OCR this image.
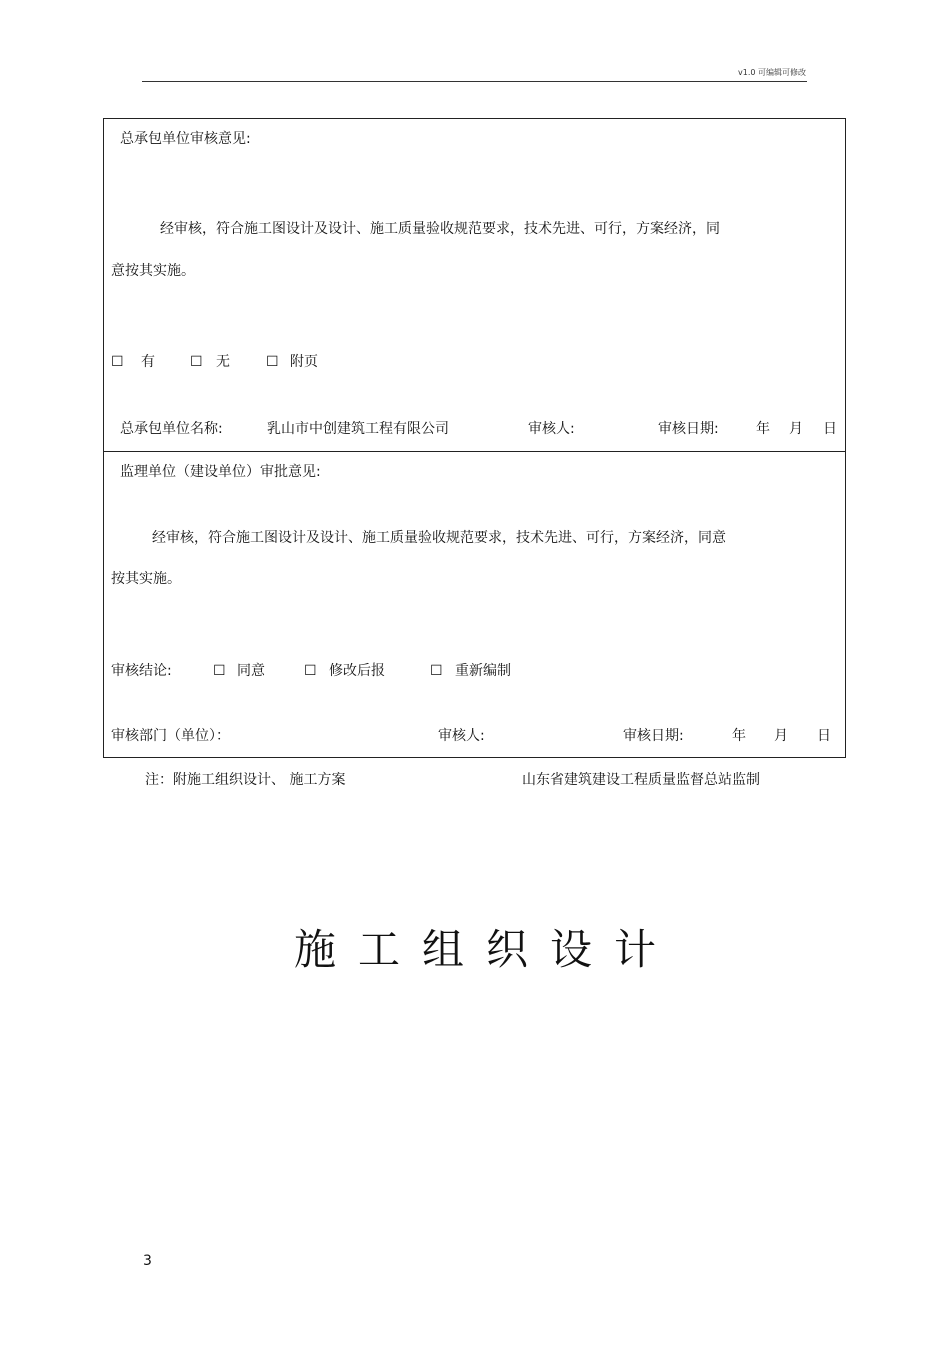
v1.0 可编辑可修改
总承包单位审核意见:
经审核，符合施工图设计及设计、施工质量验收规范要求，技术先进、可行，方案经济，同
意按其实施。
☐ 有	☐ 无	☐ 附页
总承包单位名称:	乳山市中创建筑工程有限公司	审核人:	审核日期:	年 月 日
监理单位（建设单位）审批意见:
经审核，符合施工图设计及设计、施工质量验收规范要求，技术先进、可行，方案经济，同意
按其实施。
审核结论:	☐ 同意	☐ 修改后报	☐ 重新编制
审核部门（单位）：	审核人:	审核日期:	年 月 日
注：附施工组织设计、 施工方案	山东省建筑建设工程质量监督总站监制
施工组织设计
3
